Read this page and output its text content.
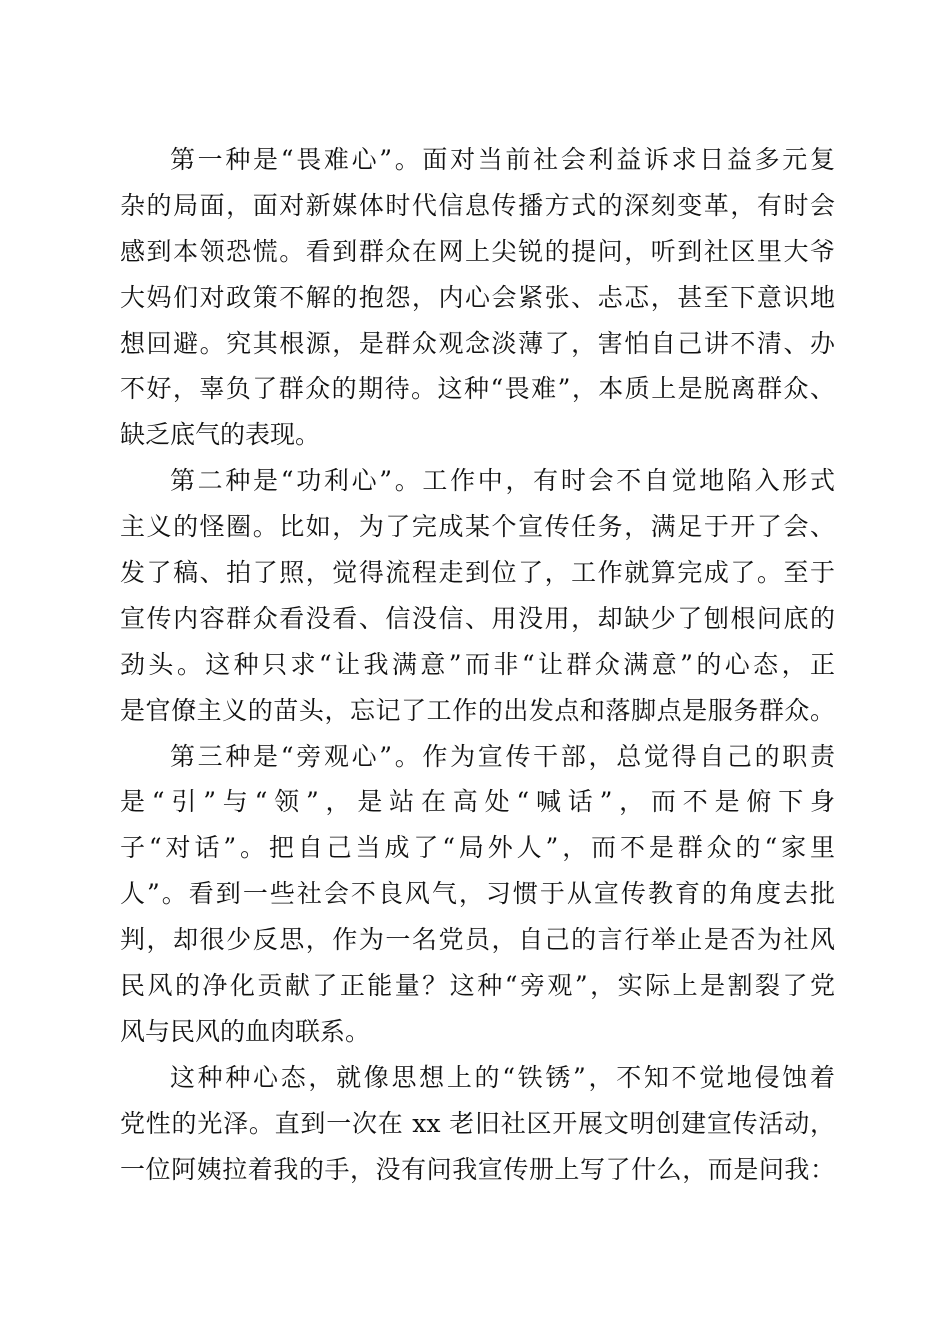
第一种是“畏难心”。面对当前社会利益诉求日益多元复
杂的局面，面对新媒体时代信息传播方式的深刻变革，有时会
感到本领恐慌。看到群众在网上尖锐的提问，听到社区里大爷
大妈们对政策不解的抱怨，内心会紧张、忐忑，甚至下意识地
想回避。究其根源，是群众观念淡薄了，害怕自己讲不清、办
不好，辜负了群众的期待。这种“畏难”，本质上是脱离群众、
缺乏底气的表现。
第二种是“功利心”。工作中，有时会不自觉地陷入形式
主义的怪圈。比如，为了完成某个宣传任务，满足于开了会、
发了稿、拍了照，觉得流程走到位了，工作就算完成了。至于
宣传内容群众看没看、信没信、用没用，却缺少了刨根问底的
劲头。这种只求“让我满意”而非“让群众满意”的心态，正
是官僚主义的苗头，忘记了工作的出发点和落脚点是服务群众。
第三种是“旁观心”。作为宣传干部，总觉得自己的职责
是“引”与“领”，是站在高处“喊话”，而不是俯下身
子“对话”。把自己当成了“局外人”，而不是群众的“家里
人”。看到一些社会不良风气，习惯于从宣传教育的角度去批
判，却很少反思，作为一名党员，自己的言行举止是否为社风
民风的净化贡献了正能量？这种“旁观”，实际上是割裂了党
风与民风的血肉联系。
这种种心态，就像思想上的“铁锈”，不知不觉地侵蚀着
党性的光泽。直到一次在 xx 老旧社区开展文明创建宣传活动，
一位阿姨拉着我的手，没有问我宣传册上写了什么，而是问我：
